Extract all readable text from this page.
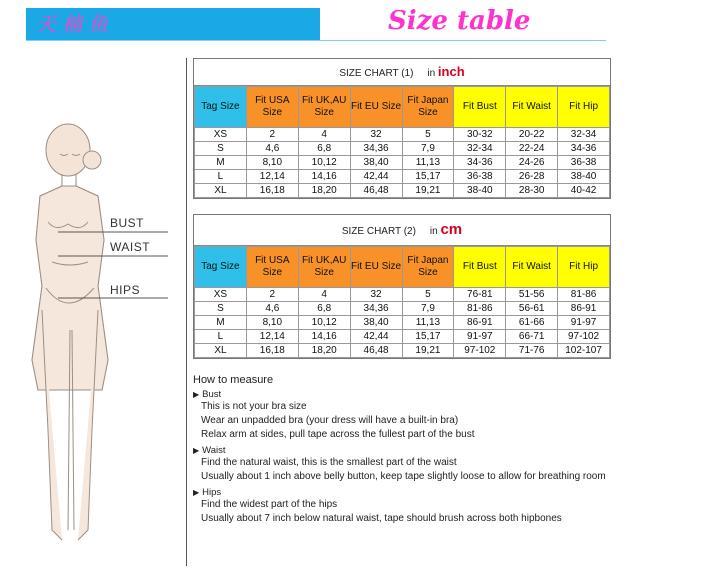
天楠鱼	Size table
BUST
WAIST
HIPS
SIZE CHART (1) in inch
Tag Size	Fit USA Size	Fit UK,AU Size	Fit EU Size	Fit Japan Size	Fit Bust	Fit Waist	Fit Hip
XS	2	4	32	5	30-32	20-22	32-34
S	4,6	6,8	34,36	7,9	32-34	22-24	34-36
M	8,10	10,12	38,40	11,13	34-36	24-26	36-38
L	12,14	14,16	42,44	15,17	36-38	26-28	38-40
XL	16,18	18,20	46,48	19,21	38-40	28-30	40-42
SIZE CHART (2) in cm
Tag Size	Fit USA Size	Fit UK,AU Size	Fit EU Size	Fit Japan Size	Fit Bust	Fit Waist	Fit Hip
XS	2	4	32	5	76-81	51-56	81-86
S	4,6	6,8	34,36	7,9	81-86	56-61	86-91
M	8,10	10,12	38,40	11,13	86-91	61-66	91-97
L	12,14	14,16	42,44	15,17	91-97	66-71	97-102
XL	16,18	18,20	46,48	19,21	97-102	71-76	102-107
How to measure
▶ Bust
This is not your bra size
Wear an unpadded bra (your dress will have a built-in bra)
Relax arm at sides, pull tape across the fullest part of the bust
▶ Waist
Find the natural waist, this is the smallest part of the waist
Usually about 1 inch above belly button, keep tape slightly loose to allow for breathing room
▶ Hips
Find the widest part of the hips
Usually about 7 inch below natural waist, tape should brush across both hipbones
